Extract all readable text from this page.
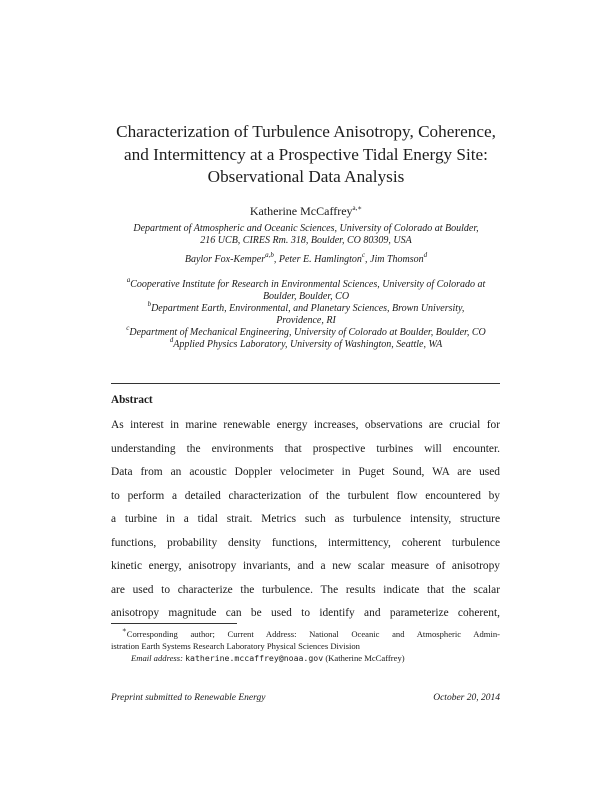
Characterization of Turbulence Anisotropy, Coherence,
and Intermittency at a Prospective Tidal Energy Site:
Observational Data Analysis
Katherine McCaffrey$^{a,∗}$
Department of Atmospheric and Oceanic Sciences, University of Colorado at Boulder,
216 UCB, CIRES Rm. 318, Boulder, CO 80309, USA
Baylor Fox-Kemper$^{a,b}$, Peter E. Hamlington$^c$, Jim Thomson$^d$
$^a$Cooperative Institute for Research in Environmental Sciences, University of Colorado at
Boulder, Boulder, CO
$^b$Department Earth, Environmental, and Planetary Sciences, Brown University,
Providence, RI
$^c$Department of Mechanical Engineering, University of Colorado at Boulder, Boulder, CO
$^d$Applied Physics Laboratory, University of Washington, Seattle, WA
Abstract
As interest in marine renewable energy increases, observations are crucial for
understanding the environments that prospective turbines will encounter.
Data from an acoustic Doppler velocimeter in Puget Sound, WA are used
to perform a detailed characterization of the turbulent flow encountered by
a turbine in a tidal strait. Metrics such as turbulence intensity, structure
functions, probability density functions, intermittency, coherent turbulence
kinetic energy, anisotropy invariants, and a new scalar measure of anisotropy
are used to characterize the turbulence. The results indicate that the scalar
anisotropy magnitude can be used to identify and parameterize coherent,
∗Corresponding author; Current Address: National Oceanic and Atmospheric Admin-
istration Earth Systems Research Laboratory Physical Sciences Division
Email address: katherine.mccaffrey@noaa.gov (Katherine McCaffrey)
Preprint submitted to Renewable Energy	October 20, 2014
